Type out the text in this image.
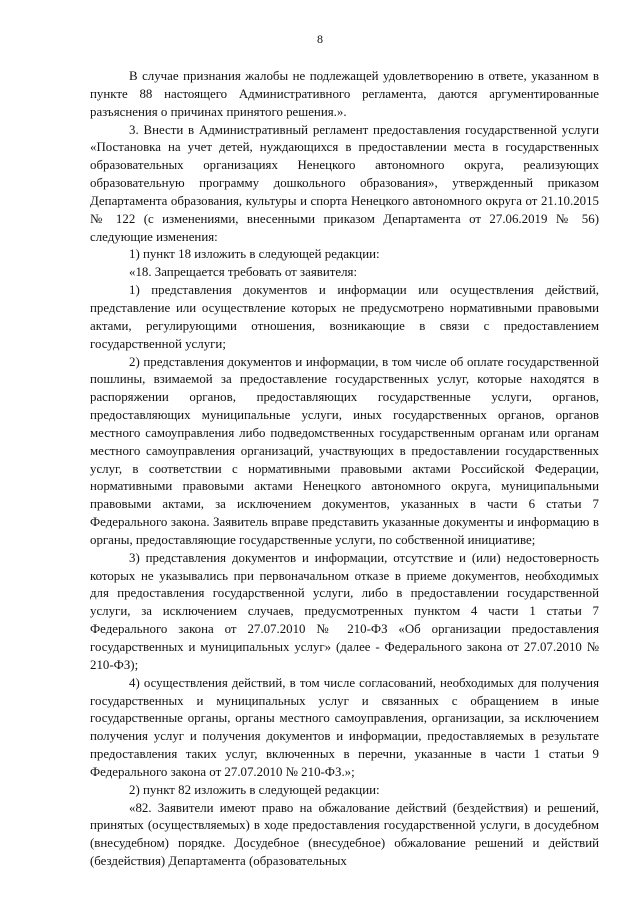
8

В случае признания жалобы не подлежащей удовлетворению в ответе, указанном в пункте 88 настоящего Административного регламента, даются аргументированные разъяснения о причинах принятого решения.».

3. Внести в Административный регламент предоставления государственной услуги «Постановка на учет детей, нуждающихся в предоставлении места в государственных образовательных организациях Ненецкого автономного округа, реализующих образовательную программу дошкольного образования», утвержденный приказом Департамента образования, культуры и спорта Ненецкого автономного округа от 21.10.2015 № 122 (с изменениями, внесенными приказом Департамента от 27.06.2019 № 56) следующие изменения:

1) пункт 18 изложить в следующей редакции:

«18. Запрещается требовать от заявителя:

1) представления документов и информации или осуществления действий, представление или осуществление которых не предусмотрено нормативными правовыми актами, регулирующими отношения, возникающие в связи с предоставлением государственной услуги;

2) представления документов и информации, в том числе об оплате государственной пошлины, взимаемой за предоставление государственных услуг, которые находятся в распоряжении органов, предоставляющих государственные услуги, органов, предоставляющих муниципальные услуги, иных государственных органов, органов местного самоуправления либо подведомственных государственным органам или органам местного самоуправления организаций, участвующих в предоставлении государственных услуг, в соответствии с нормативными правовыми актами Российской Федерации, нормативными правовыми актами Ненецкого автономного округа, муниципальными правовыми актами, за исключением документов, указанных в части 6 статьи 7 Федерального закона. Заявитель вправе представить указанные документы и информацию в органы, предоставляющие государственные услуги, по собственной инициативе;

3) представления документов и информации, отсутствие и (или) недостоверность которых не указывались при первоначальном отказе в приеме документов, необходимых для предоставления государственной услуги, либо в предоставлении государственной услуги, за исключением случаев, предусмотренных пунктом 4 части 1 статьи 7 Федерального закона от 27.07.2010 № 210-ФЗ «Об организации предоставления государственных и муниципальных услуг» (далее - Федерального закона от 27.07.2010 № 210-ФЗ);

4) осуществления действий, в том числе согласований, необходимых для получения государственных и муниципальных услуг и связанных с обращением в иные государственные органы, органы местного самоуправления, организации, за исключением получения услуг и получения документов и информации, предоставляемых в результате предоставления таких услуг, включенных в перечни, указанные в части 1 статьи 9 Федерального закона от 27.07.2010 № 210-ФЗ.»;

2) пункт 82 изложить в следующей редакции:

«82. Заявители имеют право на обжалование действий (бездействия) и решений, принятых (осуществляемых) в ходе предоставления государственной услуги, в досудебном (внесудебном) порядке. Досудебное (внесудебное) обжалование решений и действий (бездействия) Департамента (образовательных
